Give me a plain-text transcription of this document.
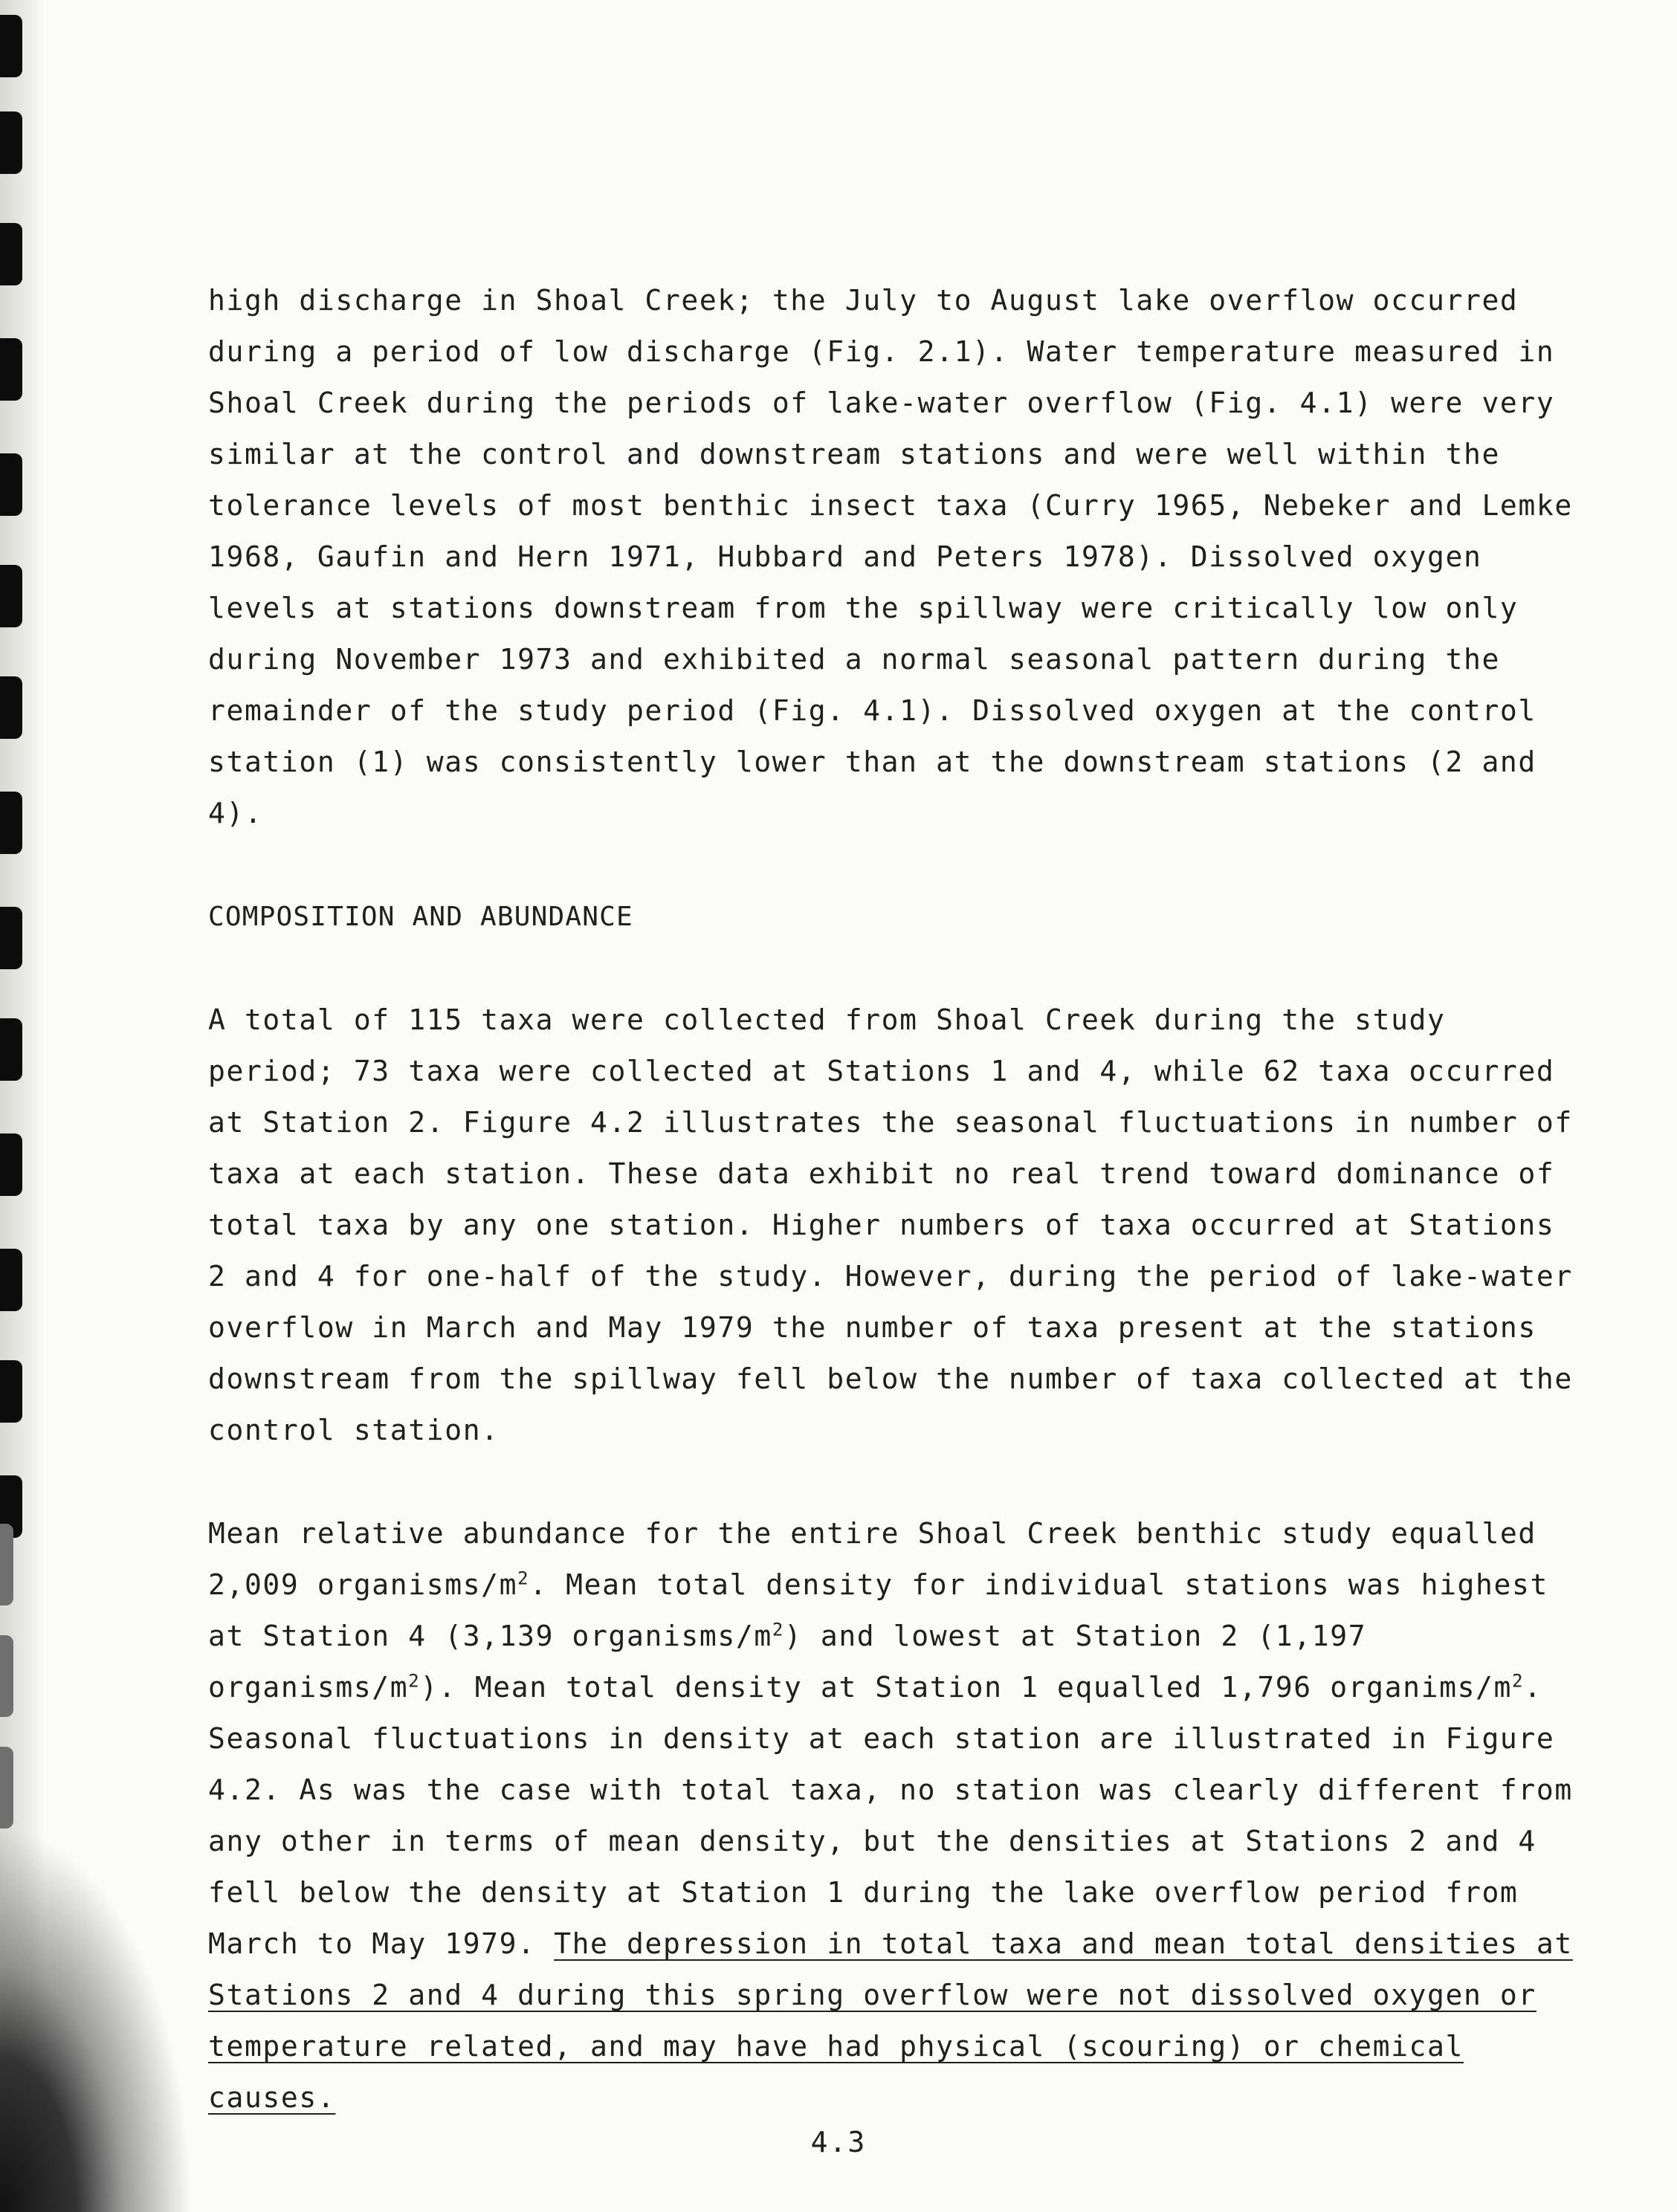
high discharge in Shoal Creek; the July to August lake overflow occurred during a period of low discharge (Fig. 2.1). Water temperature measured in Shoal Creek during the periods of lake-water overflow (Fig. 4.1) were very similar at the control and downstream stations and were well within the tolerance levels of most benthic insect taxa (Curry 1965, Nebeker and Lemke 1968, Gaufin and Hern 1971, Hubbard and Peters 1978). Dissolved oxygen levels at stations downstream from the spillway were critically low only during November 1973 and exhibited a normal seasonal pattern during the remainder of the study period (Fig. 4.1). Dissolved oxygen at the control station (1) was consistently lower than at the downstream stations (2 and 4).

COMPOSITION AND ABUNDANCE

A total of 115 taxa were collected from Shoal Creek during the study period; 73 taxa were collected at Stations 1 and 4, while 62 taxa occurred at Station 2. Figure 4.2 illustrates the seasonal fluctuations in number of taxa at each station. These data exhibit no real trend toward dominance of total taxa by any one station. Higher numbers of taxa occurred at Stations 2 and 4 for one-half of the study. However, during the period of lake-water overflow in March and May 1979 the number of taxa present at the stations downstream from the spillway fell below the number of taxa collected at the control station.

Mean relative abundance for the entire Shoal Creek benthic study equalled 2,009 organisms/$m^2$. Mean total density for individual stations was highest at Station 4 (3,139 organisms/$m^2$) and lowest at Station 2 (1,197 organisms/$m^2$). Mean total density at Station 1 equalled 1,796 organims/$m^2$. Seasonal fluctuations in density at each station are illustrated in Figure 4.2. As was the case with total taxa, no station was clearly different from any other in terms of mean density, but the densities at Stations 2 and 4 fell below the density at Station 1 during the lake overflow period from March to May 1979. The depression in total taxa and mean total densities at Stations 2 and 4 during this spring overflow were not dissolved oxygen or temperature related, and may have had physical (scouring) or chemical causes.

4.3
